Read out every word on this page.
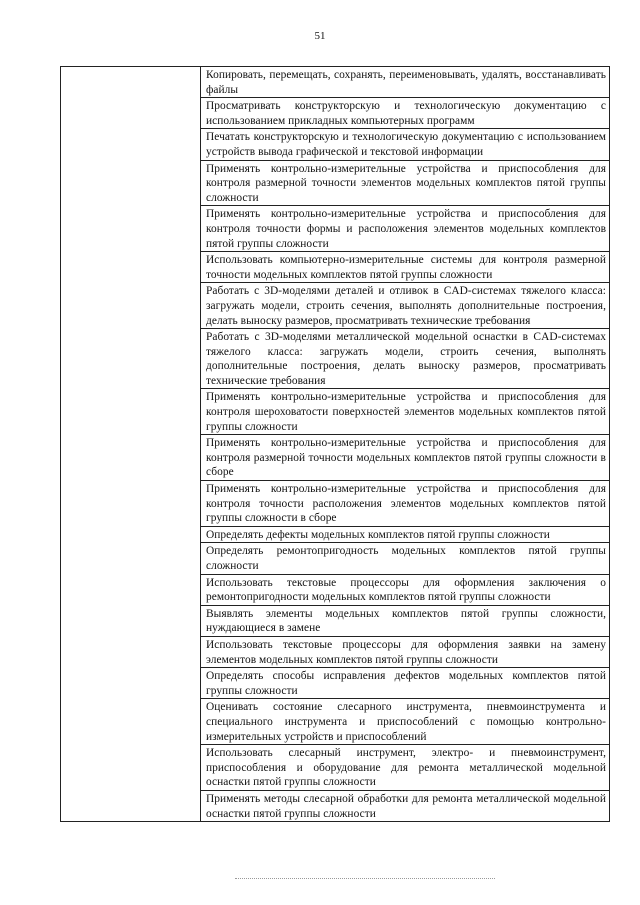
51

Копировать, перемещать, сохранять, переименовывать, удалять, восстанавливать файлы

Просматривать конструкторскую и технологическую документацию с использованием прикладных компьютерных программ

Печатать конструкторскую и технологическую документацию с использованием устройств вывода графической и текстовой информации

Применять контрольно-измерительные устройства и приспособления для контроля размерной точности элементов модельных комплектов пятой группы сложности

Применять контрольно-измерительные устройства и приспособления для контроля точности формы и расположения элементов модельных комплектов пятой группы сложности

Использовать компьютерно-измерительные системы для контроля размерной точности модельных комплектов пятой группы сложности

Работать с 3D-моделями деталей и отливок в CAD-системах тяжелого класса: загружать модели, строить сечения, выполнять дополнительные построения, делать выноску размеров, просматривать технические требования

Работать с 3D-моделями металлической модельной оснастки в CAD-системах тяжелого класса: загружать модели, строить сечения, выполнять дополнительные построения, делать выноску размеров, просматривать технические требования

Применять контрольно-измерительные устройства и приспособления для контроля шероховатости поверхностей элементов модельных комплектов пятой группы сложности

Применять контрольно-измерительные устройства и приспособления для контроля размерной точности модельных комплектов пятой группы сложности в сборе

Применять контрольно-измерительные устройства и приспособления для контроля точности расположения элементов модельных комплектов пятой группы сложности в сборе

Определять дефекты модельных комплектов пятой группы сложности

Определять ремонтопригодность модельных комплектов пятой группы сложности

Использовать текстовые процессоры для оформления заключения о ремонтопригодности модельных комплектов пятой группы сложности

Выявлять элементы модельных комплектов пятой группы сложности, нуждающиеся в замене

Использовать текстовые процессоры для оформления заявки на замену элементов модельных комплектов пятой группы сложности

Определять способы исправления дефектов модельных комплектов пятой группы сложности

Оценивать состояние слесарного инструмента, пневмоинструмента и специального инструмента и приспособлений с помощью контрольно-измерительных устройств и приспособлений

Использовать слесарный инструмент, электро- и пневмоинструмент, приспособления и оборудование для ремонта металлической модельной оснастки пятой группы сложности

Применять методы слесарной обработки для ремонта металлической модельной оснастки пятой группы сложности
